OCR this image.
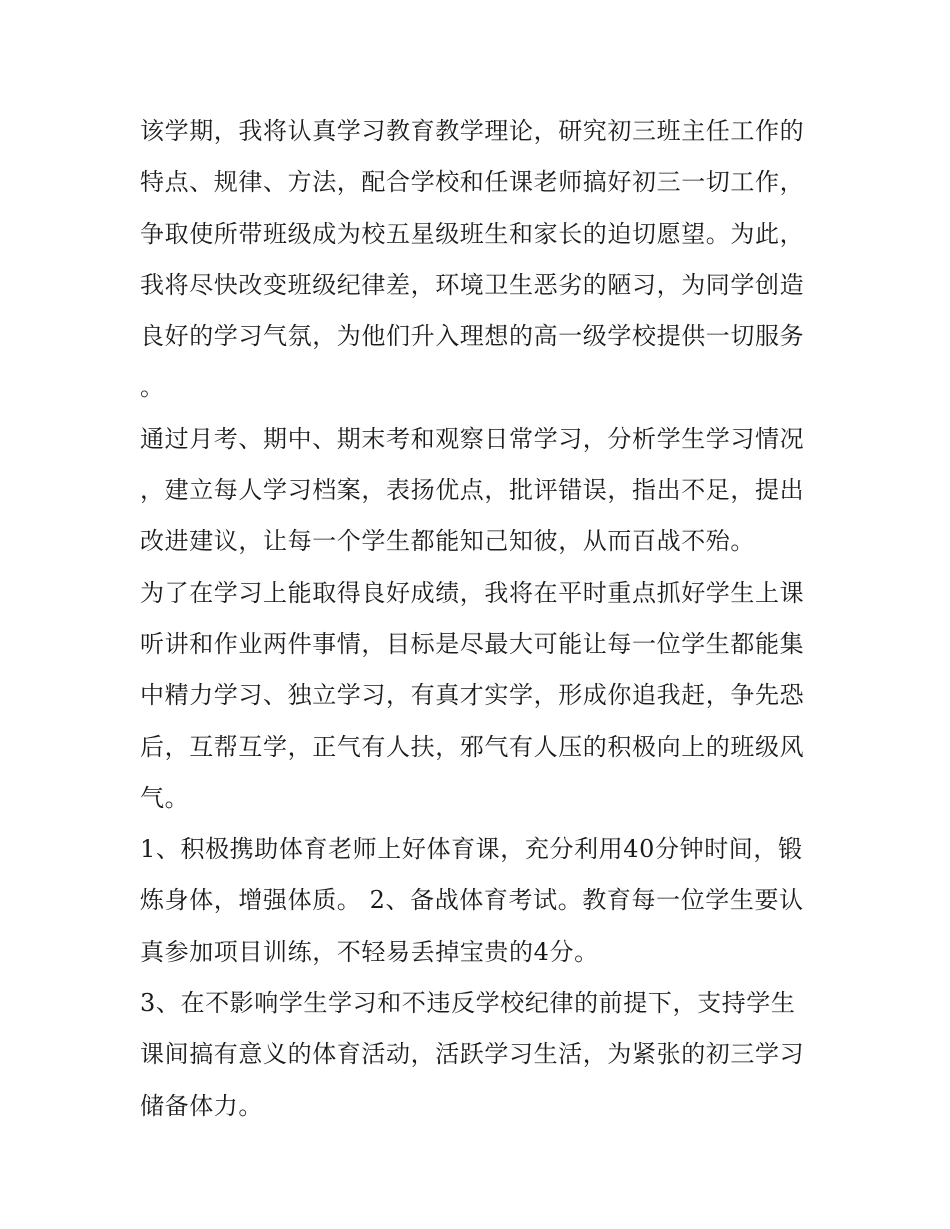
该学期，我将认真学习教育教学理论，研究初三班主任工作的特点、规律、方法，配合学校和任课老师搞好初三一切工作，争取使所带班级成为校五星级班生和家长的迫切愿望。为此，我将尽快改变班级纪律差，环境卫生恶劣的陋习，为同学创造良好的学习气氛，为他们升入理想的高一级学校提供一切服务。

通过月考、期中、期末考和观察日常学习，分析学生学习情况，建立每人学习档案，表扬优点，批评错误，指出不足，提出改进建议，让每一个学生都能知己知彼，从而百战不殆。

为了在学习上能取得良好成绩，我将在平时重点抓好学生上课听讲和作业两件事情，目标是尽最大可能让每一位学生都能集中精力学习、独立学习，有真才实学，形成你追我赶，争先恐后，互帮互学，正气有人扶，邪气有人压的积极向上的班级风气。

1、积极携助体育老师上好体育课，充分利用40分钟时间，锻炼身体，增强体质。 2、备战体育考试。教育每一位学生要认真参加项目训练，不轻易丢掉宝贵的4分。

3、在不影响学生学习和不违反学校纪律的前提下，支持学生课间搞有意义的体育活动，活跃学习生活，为紧张的初三学习储备体力。
